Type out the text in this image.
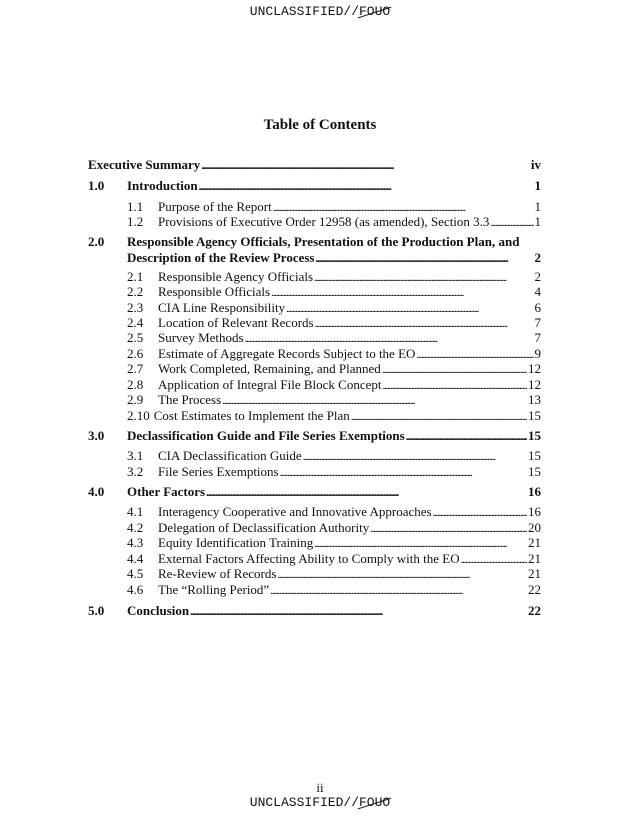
UNCLASSIFIED//FOUO
Table of Contents
Executive Summary . . .	iv
1.0 Introduction . . .	1
1.1 Purpose of the Report . . .	1
1.2 Provisions of Executive Order 12958 (as amended), Section 3.3 . . .	1
2.0 Responsible Agency Officials, Presentation of the Production Plan, and
Description of the Review Process . . .	2
2.1 Responsible Agency Officials . . .	2
2.2 Responsible Officials . . .	4
2.3 CIA Line Responsibility . . .	6
2.4 Location of Relevant Records . . .	7
2.5 Survey Methods . . .	7
2.6 Estimate of Aggregate Records Subject to the EO . . .	9
2.7 Work Completed, Remaining, and Planned . . .	12
2.8 Application of Integral File Block Concept . . .	12
2.9 The Process . . .	13
2.10 Cost Estimates to Implement the Plan . . .	15
3.0 Declassification Guide and File Series Exemptions . . .	15
3.1 CIA Declassification Guide . . .	15
3.2 File Series Exemptions . . .	15
4.0 Other Factors . . .	16
4.1 Interagency Cooperative and Innovative Approaches . . .	16
4.2 Delegation of Declassification Authority . . .	20
4.3 Equity Identification Training . . .	21
4.4 External Factors Affecting Ability to Comply with the EO . . .	21
4.5 Re-Review of Records . . .	21
4.6 The “Rolling Period” . . .	22
5.0 Conclusion . . .	22
ii
UNCLASSIFIED//FOUO
